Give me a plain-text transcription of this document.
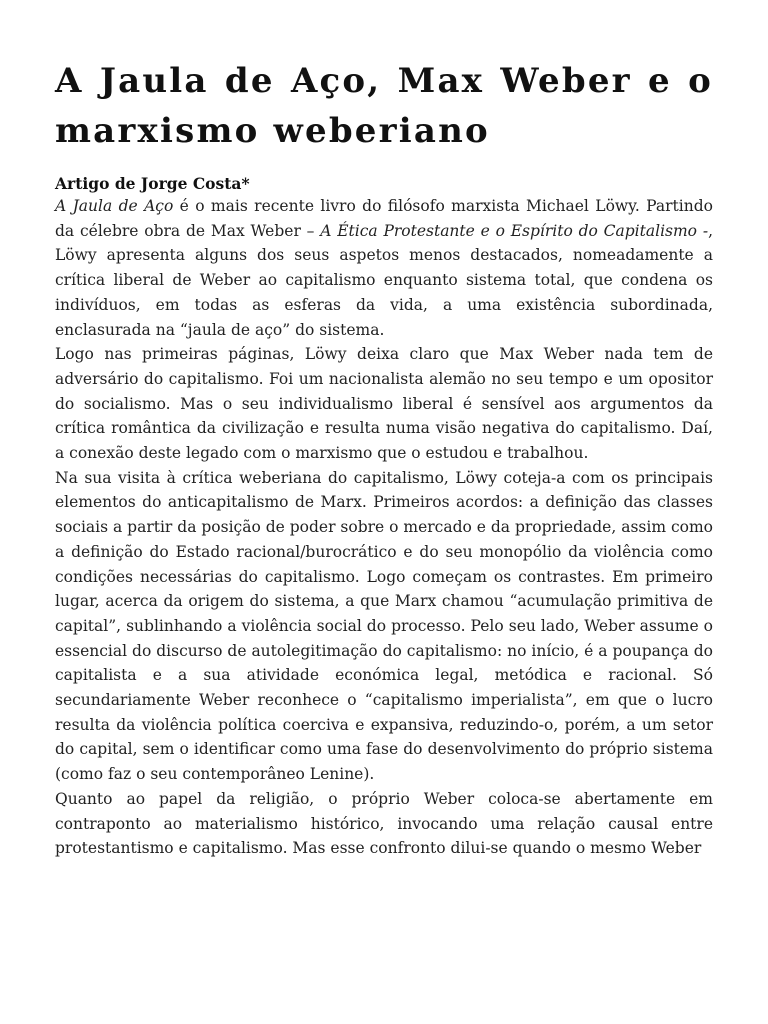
A Jaula de Aço, Max Weber e o marxismo weberiano
Artigo de Jorge Costa*

A Jaula de Aço é o mais recente livro do filósofo marxista Michael Löwy. Partindo da célebre obra de Max Weber – A Ética Protestante e o Espírito do Capitalismo -, Löwy apresenta alguns dos seus aspetos menos destacados, nomeadamente a crítica liberal de Weber ao capitalismo enquanto sistema total, que condena os indivíduos, em todas as esferas da vida, a uma existência subordinada, enclasurada na “jaula de aço” do sistema.

Logo nas primeiras páginas, Löwy deixa claro que Max Weber nada tem de adversário do capitalismo. Foi um nacionalista alemão no seu tempo e um opositor do socialismo. Mas o seu individualismo liberal é sensível aos argumentos da crítica romântica da civilização e resulta numa visão negativa do capitalismo. Daí, a conexão deste legado com o marxismo que o estudou e trabalhou.

Na sua visita à crítica weberiana do capitalismo, Löwy coteja-a com os principais elementos do anticapitalismo de Marx. Primeiros acordos: a definição das classes sociais a partir da posição de poder sobre o mercado e da propriedade, assim como a definição do Estado racional/burocrático e do seu monopólio da violência como condições necessárias do capitalismo. Logo começam os contrastes. Em primeiro lugar, acerca da origem do sistema, a que Marx chamou “acumulação primitiva de capital”, sublinhando a violência social do processo. Pelo seu lado, Weber assume o essencial do discurso de autolegitimação do capitalismo: no início, é a poupança do capitalista e a sua atividade económica legal, metódica e racional. Só secundariamente Weber reconhece o “capitalismo imperialista”, em que o lucro resulta da violência política coerciva e expansiva, reduzindo-o, porém, a um setor do capital, sem o identificar como uma fase do desenvolvimento do próprio sistema (como faz o seu contemporâneo Lenine).

Quanto ao papel da religião, o próprio Weber coloca-se abertamente em contraponto ao materialismo histórico, invocando uma relação causal entre protestantismo e capitalismo. Mas esse confronto dilui-se quando o mesmo Weber
